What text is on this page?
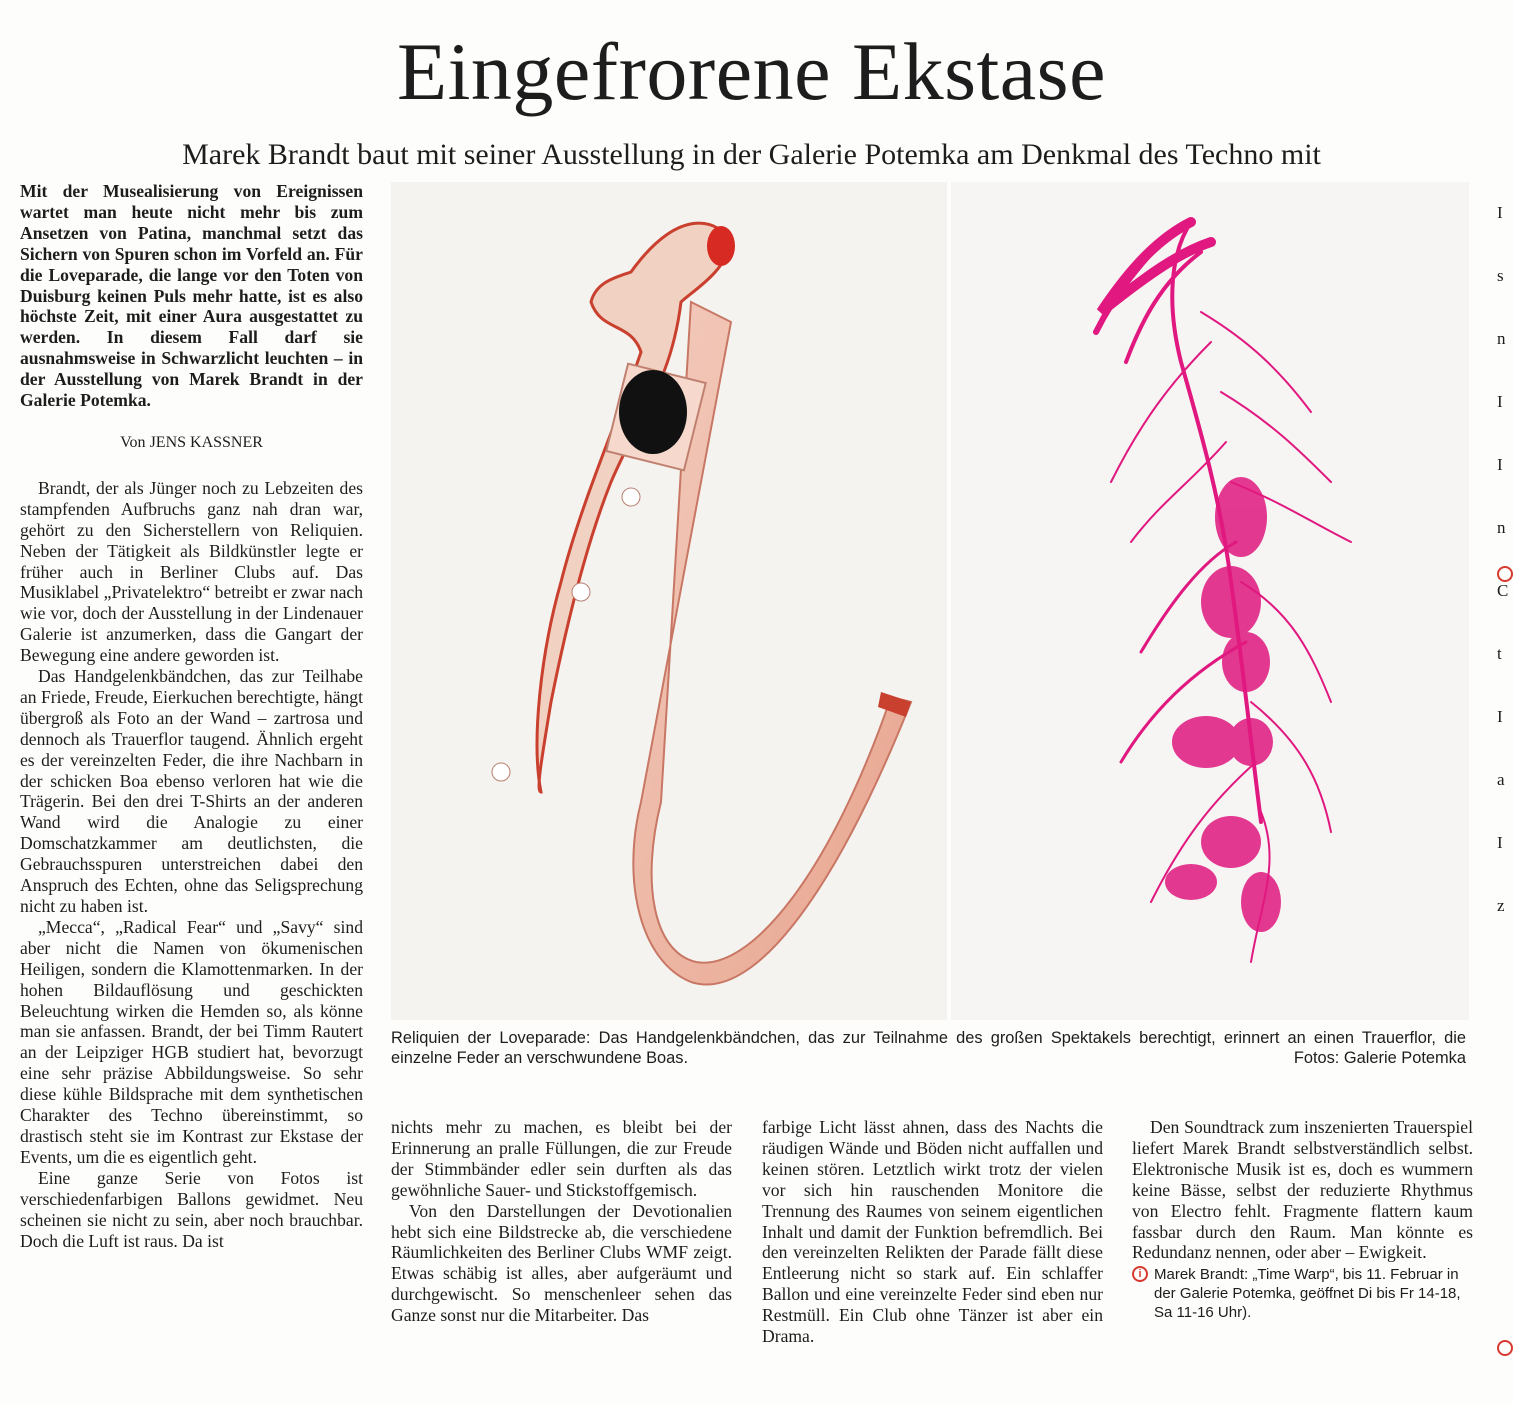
Eingefrorene Ekstase
Marek Brandt baut mit seiner Ausstellung in der Galerie Potemka am Denkmal des Techno mit

Mit der Musealisierung von Ereignissen wartet man heute nicht mehr bis zum Ansetzen von Patina, manchmal setzt das Sichern von Spuren schon im Vorfeld an. Für die Loveparade, die lange vor den Toten von Duisburg keinen Puls mehr hatte, ist es also höchste Zeit, mit einer Aura ausgestattet zu werden. In diesem Fall darf sie ausnahmsweise in Schwarzlicht leuchten – in der Ausstellung von Marek Brandt in der Galerie Potemka.

Von JENS KASSNER

Brandt, der als Jünger noch zu Lebzeiten des stampfenden Aufbruchs ganz nah dran war, gehört zu den Sicherstellern von Reliquien. Neben der Tätigkeit als Bildkünstler legte er früher auch in Berliner Clubs auf. Das Musiklabel „Privatelektro“ betreibt er zwar nach wie vor, doch der Ausstellung in der Lindenauer Galerie ist anzumerken, dass die Gangart der Bewegung eine andere geworden ist.

Das Handgelenkbändchen, das zur Teilhabe an Friede, Freude, Eierkuchen berechtigte, hängt übergroß als Foto an der Wand – zartrosa und dennoch als Trauerflor taugend. Ähnlich ergeht es der vereinzelten Feder, die ihre Nachbarn in der schicken Boa ebenso verloren hat wie die Trägerin. Bei den drei T-Shirts an der anderen Wand wird die Analogie zu einer Domschatzkammer am deutlichsten, die Gebrauchsspuren unterstreichen dabei den Anspruch des Echten, ohne das Seligsprechung nicht zu haben ist.

„Mecca“, „Radical Fear“ und „Savy“ sind aber nicht die Namen von ökumenischen Heiligen, sondern die Klamottenmarken. In der hohen Bildauflösung und geschickten Beleuchtung wirken die Hemden so, als könne man sie anfassen. Brandt, der bei Timm Rautert an der Leipziger HGB studiert hat, bevorzugt eine sehr präzise Abbildungsweise. So sehr diese kühle Bildsprache mit dem synthetischen Charakter des Techno übereinstimmt, so drastisch steht sie im Kontrast zur Ekstase der Events, um die es eigentlich geht.

Eine ganze Serie von Fotos ist verschiedenfarbigen Ballons gewidmet. Neu scheinen sie nicht zu sein, aber noch brauchbar. Doch die Luft ist raus. Da ist

Reliquien der Loveparade: Das Handgelenkbändchen, das zur Teilnahme des großen Spektakels berechtigt, erinnert an einen Trauerflor, die einzelne Feder an verschwundene Boas.	Fotos: Galerie Potemka

nichts mehr zu machen, es bleibt bei der Erinnerung an pralle Füllungen, die zur Freude der Stimmbänder edler sein durften als das gewöhnliche Sauer- und Stickstoffgemisch.

Von den Darstellungen der Devotionalien hebt sich eine Bildstrecke ab, die verschiedene Räumlichkeiten des Berliner Clubs WMF zeigt. Etwas schäbig ist alles, aber aufgeräumt und durchgewischt. So menschenleer sehen das Ganze sonst nur die Mitarbeiter. Das

farbige Licht lässt ahnen, dass des Nachts die räudigen Wände und Böden nicht auffallen und keinen stören. Letztlich wirkt trotz der vielen vor sich hin rauschenden Monitore die Trennung des Raumes von seinem eigentlichen Inhalt und damit der Funktion befremdlich. Bei den vereinzelten Relikten der Parade fällt diese Entleerung nicht so stark auf. Ein schlaffer Ballon und eine vereinzelte Feder sind eben nur Restmüll. Ein Club ohne Tänzer ist aber ein Drama.

Den Soundtrack zum inszenierten Trauerspiel liefert Marek Brandt selbstverständlich selbst. Elektronische Musik ist es, doch es wummern keine Bässe, selbst der reduzierte Rhythmus von Electro fehlt. Fragmente flattern kaum fassbar durch den Raum. Man könnte es Redundanz nennen, oder aber – Ewigkeit.

i Marek Brandt: „Time Warp“, bis 11. Februar in der Galerie Potemka, geöffnet Di bis Fr 14-18, Sa 11-16 Uhr).

I

s

n

I

I

n

C

t

I

a

I

z
